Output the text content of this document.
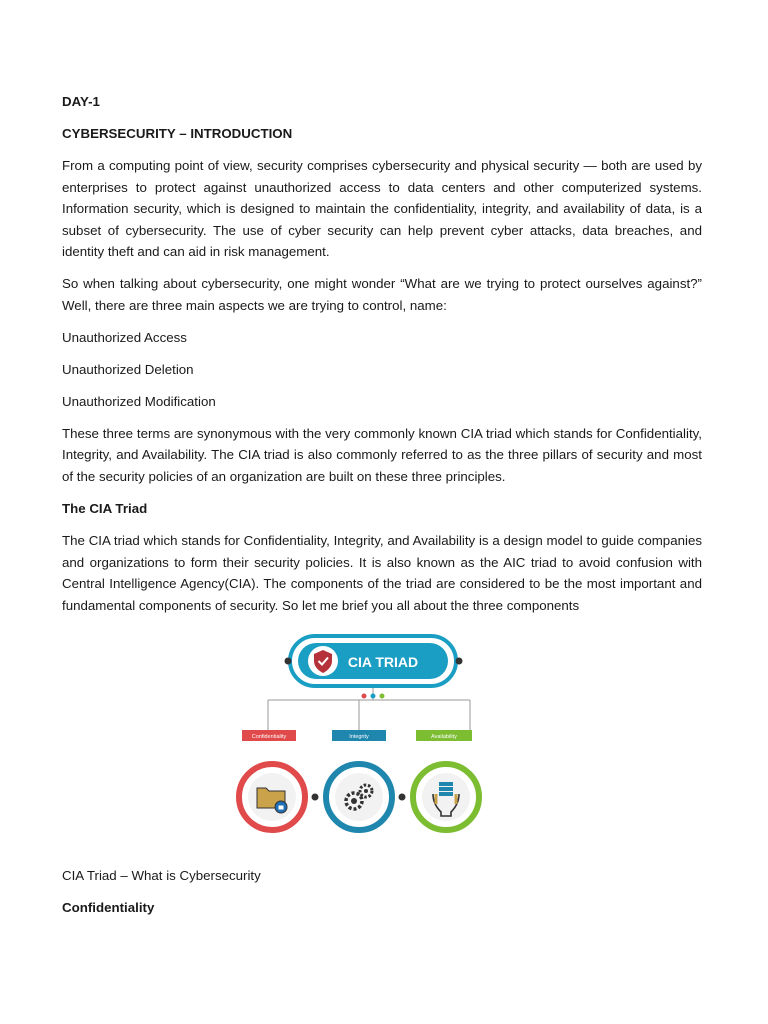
DAY-1

CYBERSECURITY – INTRODUCTION

From a computing point of view, security comprises cybersecurity and physical security — both are used by enterprises to protect against unauthorized access to data centers and other computerized systems. Information security, which is designed to maintain the confidentiality, integrity, and availability of data, is a subset of cybersecurity. The use of cyber security can help prevent cyber attacks, data breaches, and identity theft and can aid in risk management.

So when talking about cybersecurity, one might wonder “What are we trying to protect ourselves against?” Well, there are three main aspects we are trying to control, name:

Unauthorized Access

Unauthorized Deletion

Unauthorized Modification

These three terms are synonymous with the very commonly known CIA triad which stands for Confidentiality, Integrity, and Availability. The CIA triad is also commonly referred to as the three pillars of security and most of the security policies of an organization are built on these three principles.

The CIA Triad

The CIA triad which stands for Confidentiality, Integrity, and Availability is a design model to guide companies and organizations to form their security policies. It is also known as the AIC triad to avoid confusion with Central Intelligence Agency(CIA). The components of the triad are considered to be the most important and fundamental components of security. So let me brief you all about the three components

CIA TRIAD
Confidentiality	Integrity	Availability

CIA Triad – What is Cybersecurity

Confidentiality
